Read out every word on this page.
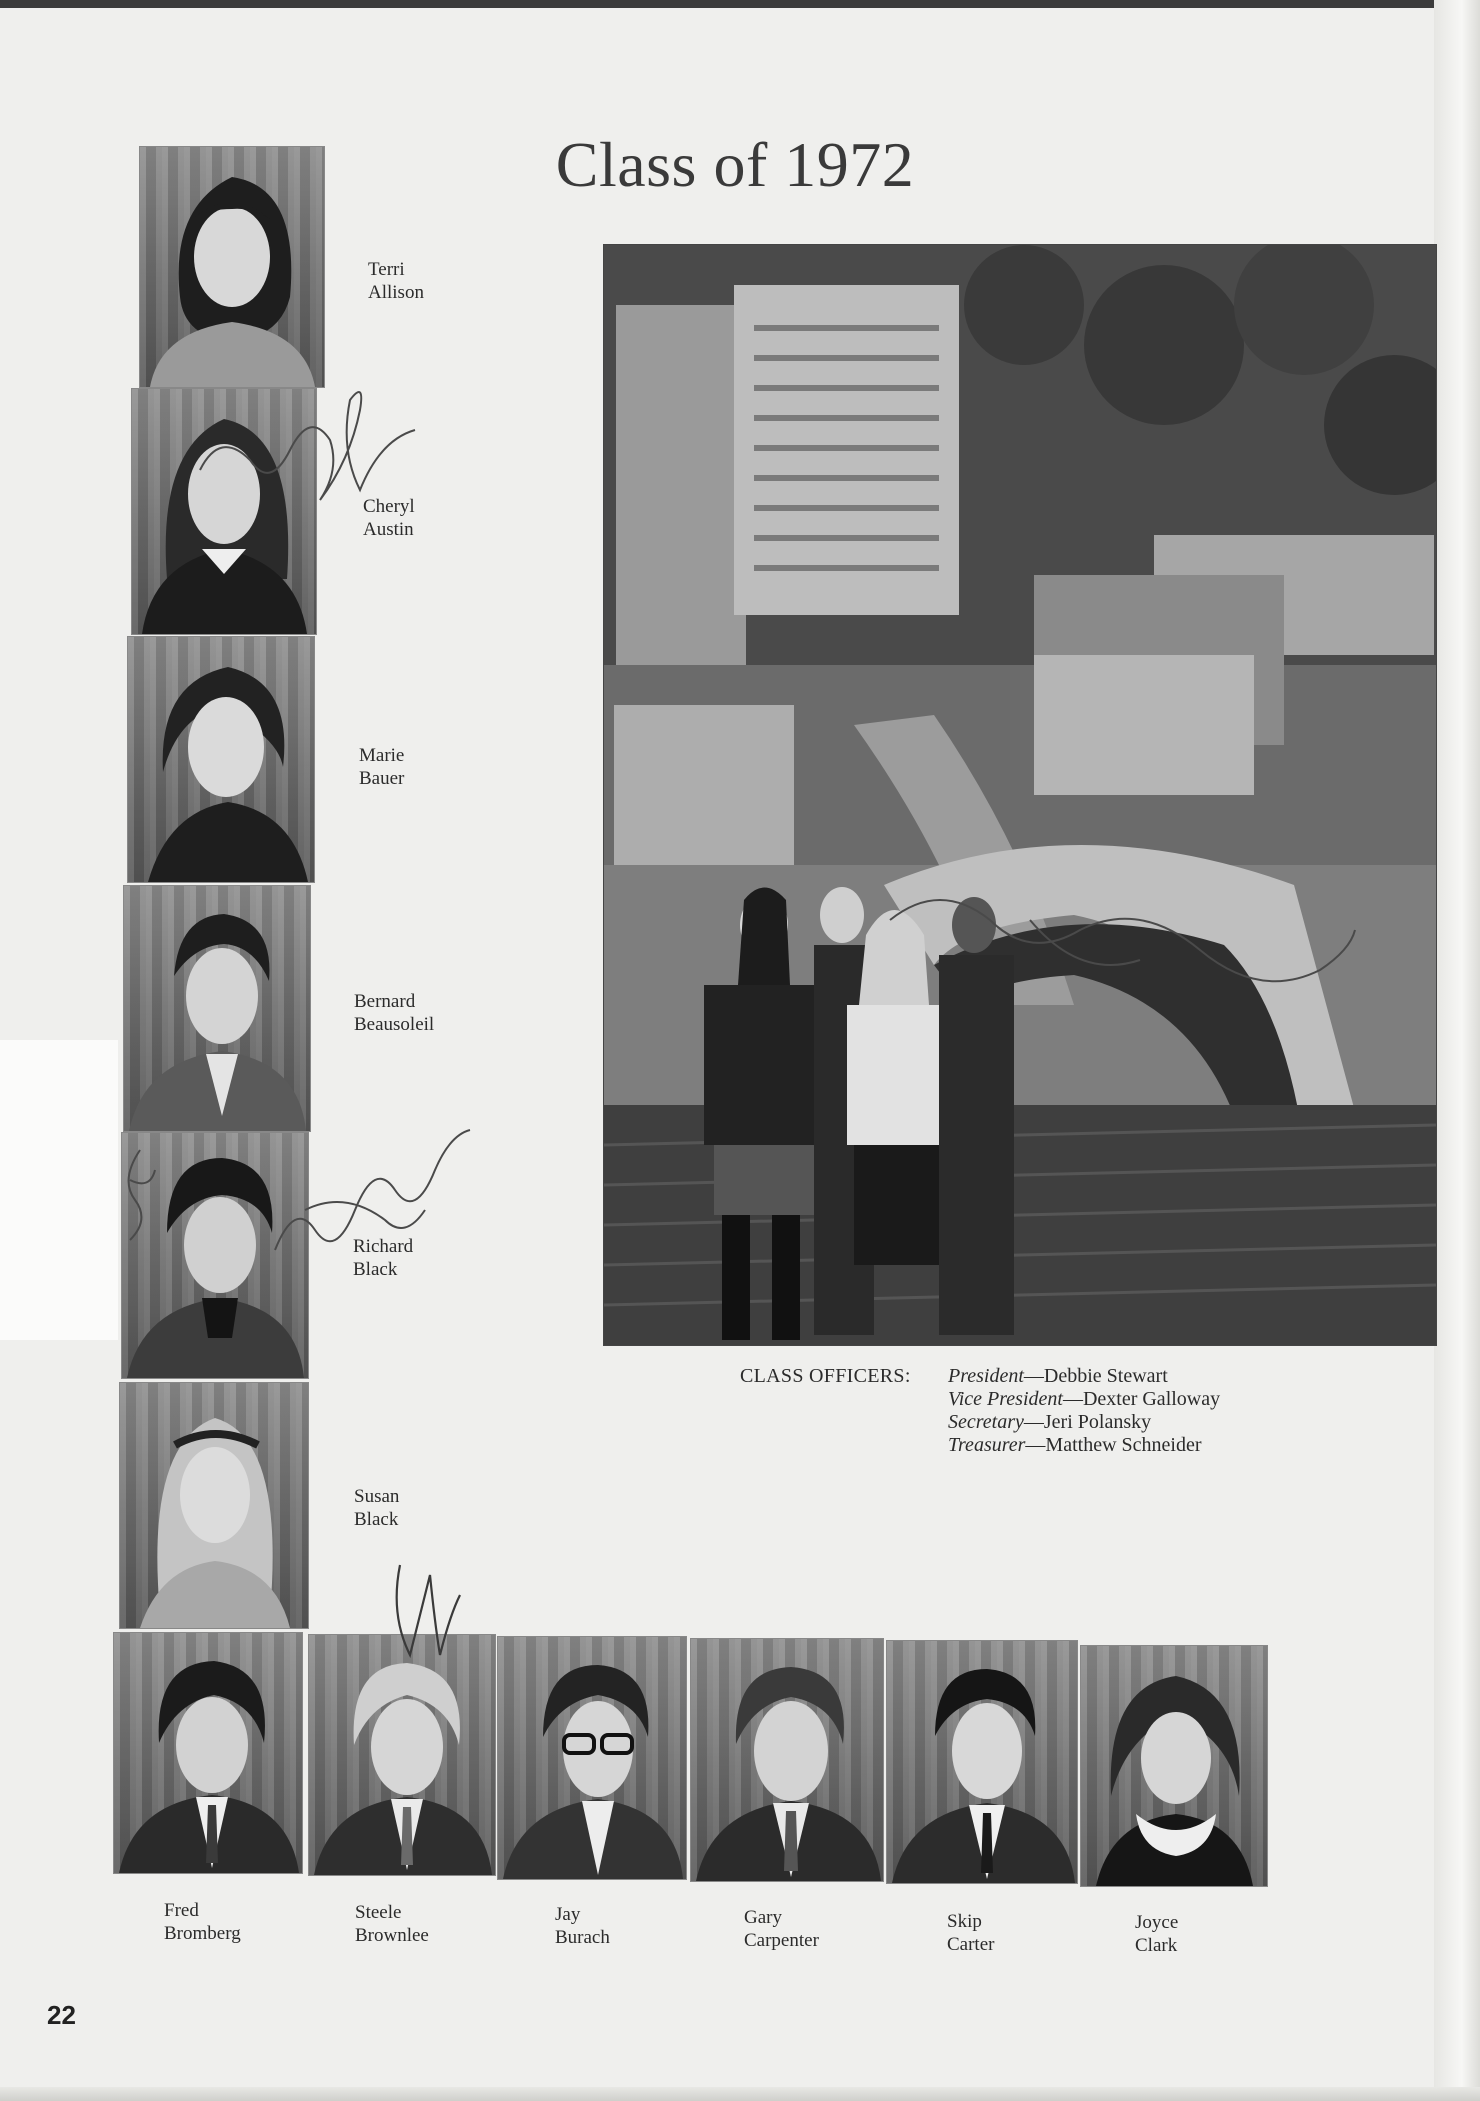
Class of 1972
Terri
Allison
Cheryl
Austin
Marie
Bauer
Bernard
Beausoleil
Richard
Black
Susan
Black
Fred
Bromberg
Steele
Brownlee
Jay
Burach
Gary
Carpenter
Skip
Carter
Joyce
Clark
CLASS OFFICERS:	President—Debbie Stewart
Vice President—Dexter Galloway
Secretary—Jeri Polansky
Treasurer—Matthew Schneider
22
